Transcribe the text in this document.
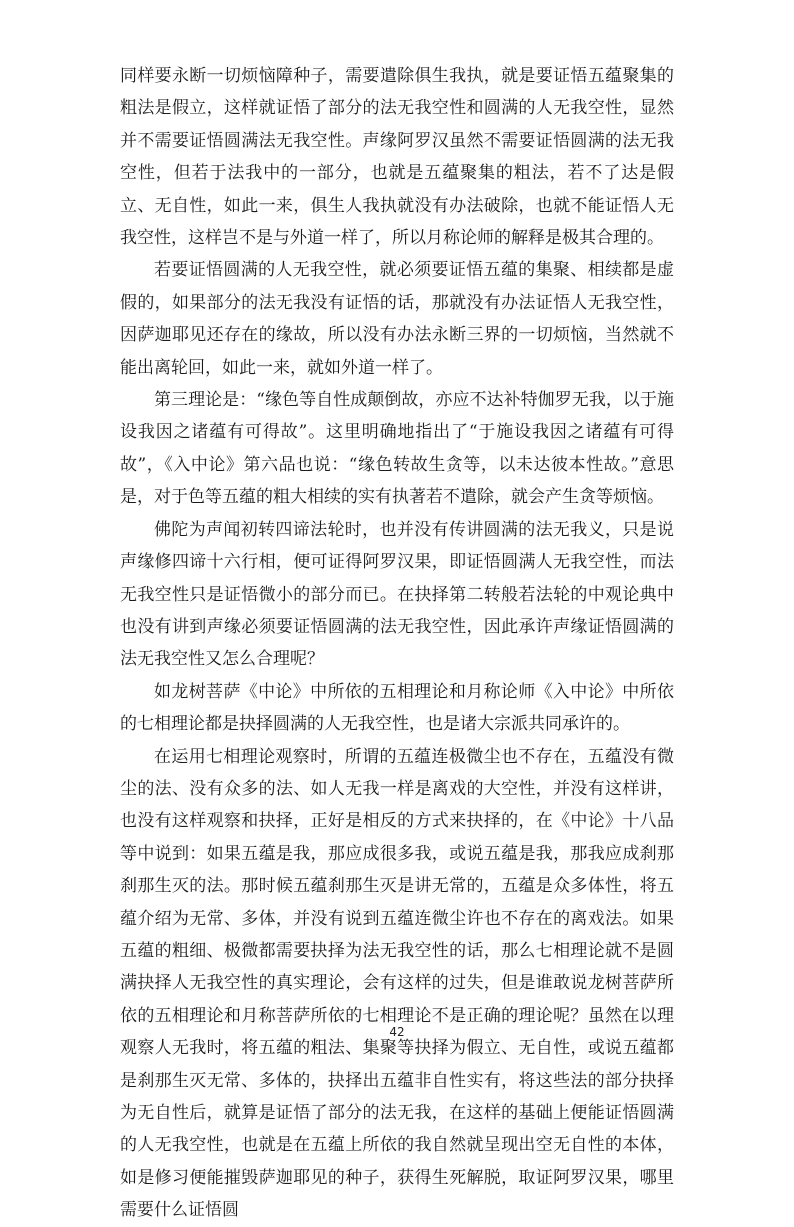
同样要永断一切烦恼障种子，需要遣除俱生我执，就是要证悟五蕴聚集的粗法是假立，这样就证悟了部分的法无我空性和圆满的人无我空性，显然并不需要证悟圆满法无我空性。声缘阿罗汉虽然不需要证悟圆满的法无我空性，但若于法我中的一部分，也就是五蕴聚集的粗法，若不了达是假立、无自性，如此一来，俱生人我执就没有办法破除，也就不能证悟人无我空性，这样岂不是与外道一样了，所以月称论师的解释是极其合理的。

若要证悟圆满的人无我空性，就必须要证悟五蕴的集聚、相续都是虚假的，如果部分的法无我没有证悟的话，那就没有办法证悟人无我空性，因萨迦耶见还存在的缘故，所以没有办法永断三界的一切烦恼，当然就不能出离轮回，如此一来，就如外道一样了。

第三理论是：“缘色等自性成颠倒故，亦应不达补特伽罗无我，以于施设我因之诸蕴有可得故”。这里明确地指出了“于施设我因之诸蕴有可得故”，《入中论》第六品也说：“缘色转故生贪等，以未达彼本性故。”意思是，对于色等五蕴的粗大相续的实有执著若不遣除，就会产生贪等烦恼。

佛陀为声闻初转四谛法轮时，也并没有传讲圆满的法无我义，只是说声缘修四谛十六行相，便可证得阿罗汉果，即证悟圆满人无我空性，而法无我空性只是证悟微小的部分而已。在抉择第二转般若法轮的中观论典中也没有讲到声缘必须要证悟圆满的法无我空性，因此承许声缘证悟圆满的法无我空性又怎么合理呢？

如龙树菩萨《中论》中所依的五相理论和月称论师《入中论》中所依的七相理论都是抉择圆满的人无我空性，也是诸大宗派共同承许的。

在运用七相理论观察时，所谓的五蕴连极微尘也不存在，五蕴没有微尘的法、没有众多的法、如人无我一样是离戏的大空性，并没有这样讲，也没有这样观察和抉择，正好是相反的方式来抉择的，在《中论》十八品等中说到：如果五蕴是我，那应成很多我，或说五蕴是我，那我应成刹那刹那生灭的法。那时候五蕴刹那生灭是讲无常的，五蕴是众多体性，将五蕴介绍为无常、多体，并没有说到五蕴连微尘许也不存在的离戏法。如果五蕴的粗细、极微都需要抉择为法无我空性的话，那么七相理论就不是圆满抉择人无我空性的真实理论，会有这样的过失，但是谁敢说龙树菩萨所依的五相理论和月称菩萨所依的七相理论不是正确的理论呢？虽然在以理观察人无我时，将五蕴的粗法、集聚等抉择为假立、无自性，或说五蕴都是刹那生灭无常、多体的，抉择出五蕴非自性实有，将这些法的部分抉择为无自性后，就算是证悟了部分的法无我，在这样的基础上便能证悟圆满的人无我空性，也就是在五蕴上所依的我自然就呈现出空无自性的本体，如是修习便能摧毁萨迦耶见的种子，获得生死解脱，取证阿罗汉果，哪里需要什么证悟圆

42
